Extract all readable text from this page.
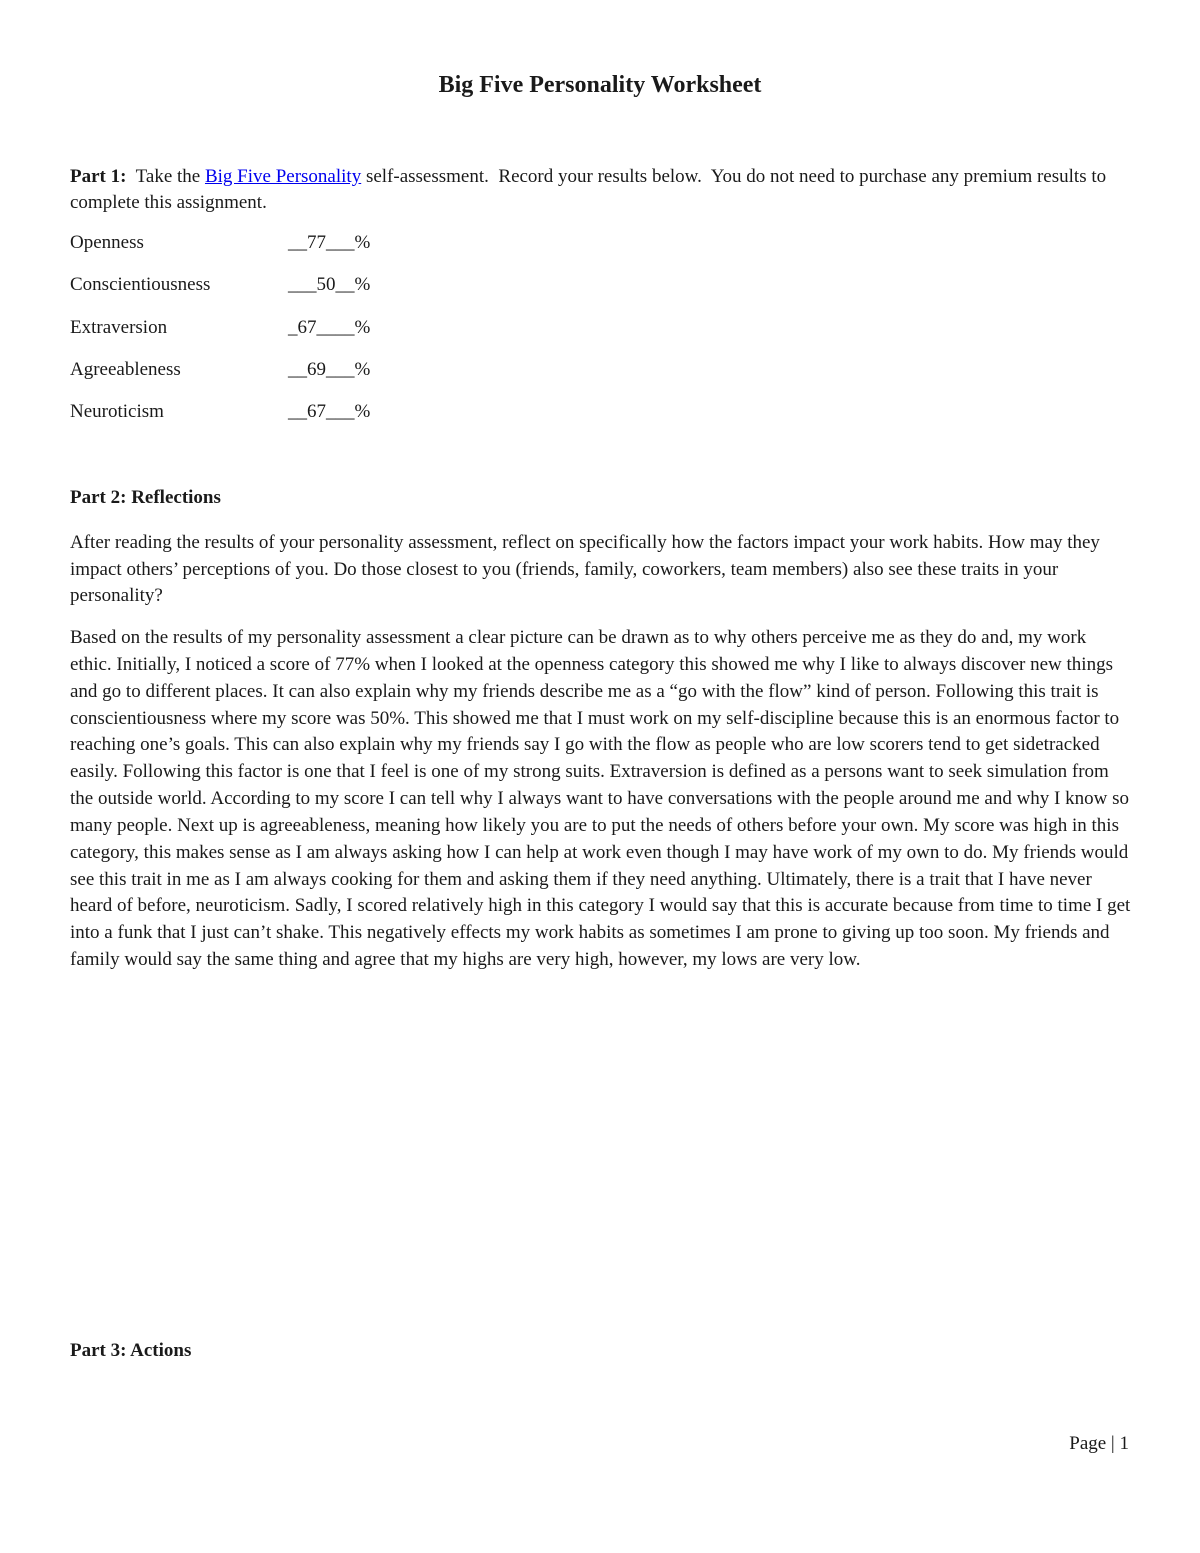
Big Five Personality Worksheet

Part 1:  Take the Big Five Personality self-assessment.  Record your results below.  You do not need to purchase any premium results to complete this assignment.

Openness	__77___%
Conscientiousness	___50__%
Extraversion	_67____%
Agreeableness	__69___%
Neuroticism	__67___%
Part 2: Reflections

After reading the results of your personality assessment, reflect on specifically how the factors impact your work habits. How may they impact others’ perceptions of you. Do those closest to you (friends, family, coworkers, team members) also see these traits in your personality?

Based on the results of my personality assessment a clear picture can be drawn as to why others perceive me as they do and, my work ethic. Initially, I noticed a score of 77% when I looked at the openness category this showed me why I like to always discover new things and go to different places. It can also explain why my friends describe me as a “go with the flow” kind of person. Following this trait is conscientiousness where my score was 50%. This showed me that I must work on my self-discipline because this is an enormous factor to reaching one’s goals. This can also explain why my friends say I go with the flow as people who are low scorers tend to get sidetracked easily. Following this factor is one that I feel is one of my strong suits. Extraversion is defined as a persons want to seek simulation from the outside world. According to my score I can tell why I always want to have conversations with the people around me and why I know so many people. Next up is agreeableness, meaning how likely you are to put the needs of others before your own. My score was high in this category, this makes sense as I am always asking how I can help at work even though I may have work of my own to do. My friends would see this trait in me as I am always cooking for them and asking them if they need anything. Ultimately, there is a trait that I have never heard of before, neuroticism. Sadly, I scored relatively high in this category I would say that this is accurate because from time to time I get into a funk that I just can’t shake. This negatively effects my work habits as sometimes I am prone to giving up too soon. My friends and family would say the same thing and agree that my highs are very high, however, my lows are very low.

Part 3: Actions

Page | 1
